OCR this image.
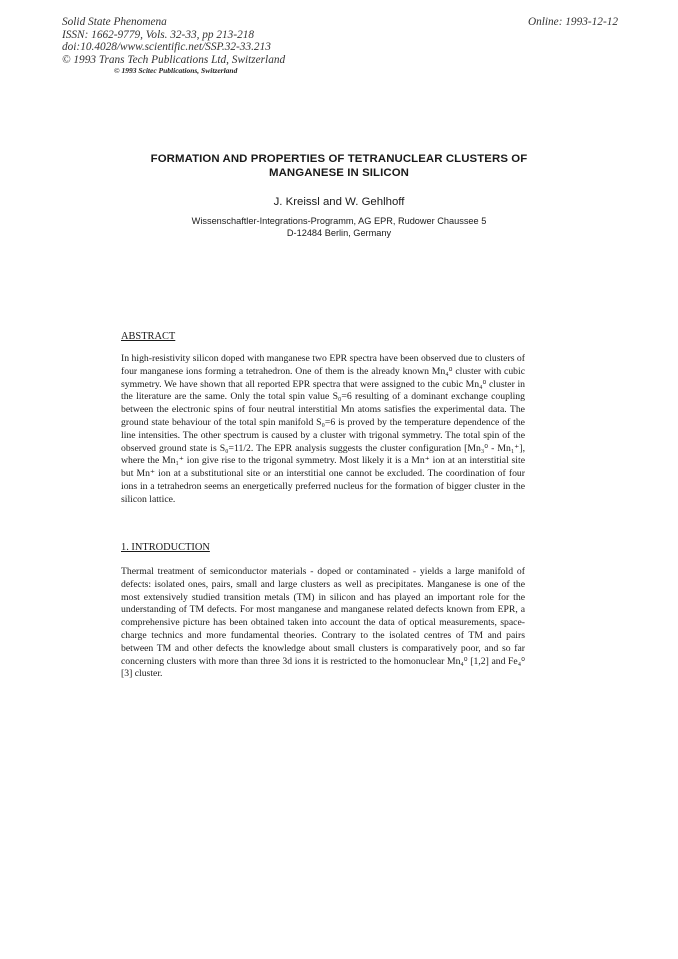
Solid State Phenomena
ISSN: 1662-9779, Vols. 32-33, pp 213-218
doi:10.4028/www.scientific.net/SSP.32-33.213
© 1993 Trans Tech Publications Ltd, Switzerland
© 1993 Scitec Publications, Switzerland
Online: 1993-12-12
FORMATION AND PROPERTIES OF TETRANUCLEAR CLUSTERS OF
MANGANESE IN SILICON
J. Kreissl and W. Gehlhoff
Wissenschaftler-Integrations-Programm, AG EPR, Rudower Chaussee 5
D-12484 Berlin, Germany
ABSTRACT
In high-resistivity silicon doped with manganese two EPR spectra have been observed due to clusters of four manganese ions forming a tetrahedron. One of them is the already known Mn₄⁰ cluster with cubic symmetry. We have shown that all reported EPR spectra that were assigned to the cubic Mn₄⁰ cluster in the literature are the same. Only the total spin value S₀=6 resulting of a dominant exchange coupling between the electronic spins of four neutral interstitial Mn atoms satisfies the experimental data. The ground state behaviour of the total spin manifold S₀=6 is proved by the temperature dependence of the line intensities. The other spectrum is caused by a cluster with trigonal symmetry. The total spin of the observed ground state is S₀=11/2. The EPR analysis suggests the cluster configuration [Mn₃⁰ - Mn₁⁺], where the Mn₁⁺ ion give rise to the trigonal symmetry. Most likely it is a Mn⁺ ion at an interstitial site but Mn⁺ ion at a substitutional site or an interstitial one cannot be excluded. The coordination of four ions in a tetrahedron seems an energetically preferred nucleus for the formation of bigger cluster in the silicon lattice.
1. INTRODUCTION
Thermal treatment of semiconductor materials - doped or contaminated - yields a large manifold of defects: isolated ones, pairs, small and large clusters as well as precipitates. Manganese is one of the most extensively studied transition metals (TM) in silicon and has played an important role for the understanding of TM defects. For most manganese and manganese related defects known from EPR, a comprehensive picture has been obtained taken into account the data of optical measurements, space-charge technics and more fundamental theories. Contrary to the isolated centres of TM and pairs between TM and other defects the knowledge about small clusters is comparatively poor, and so far concerning clusters with more than three 3d ions it is restricted to the homonuclear Mn₄⁰ [1,2] and Fe₄⁰ [3] cluster.
